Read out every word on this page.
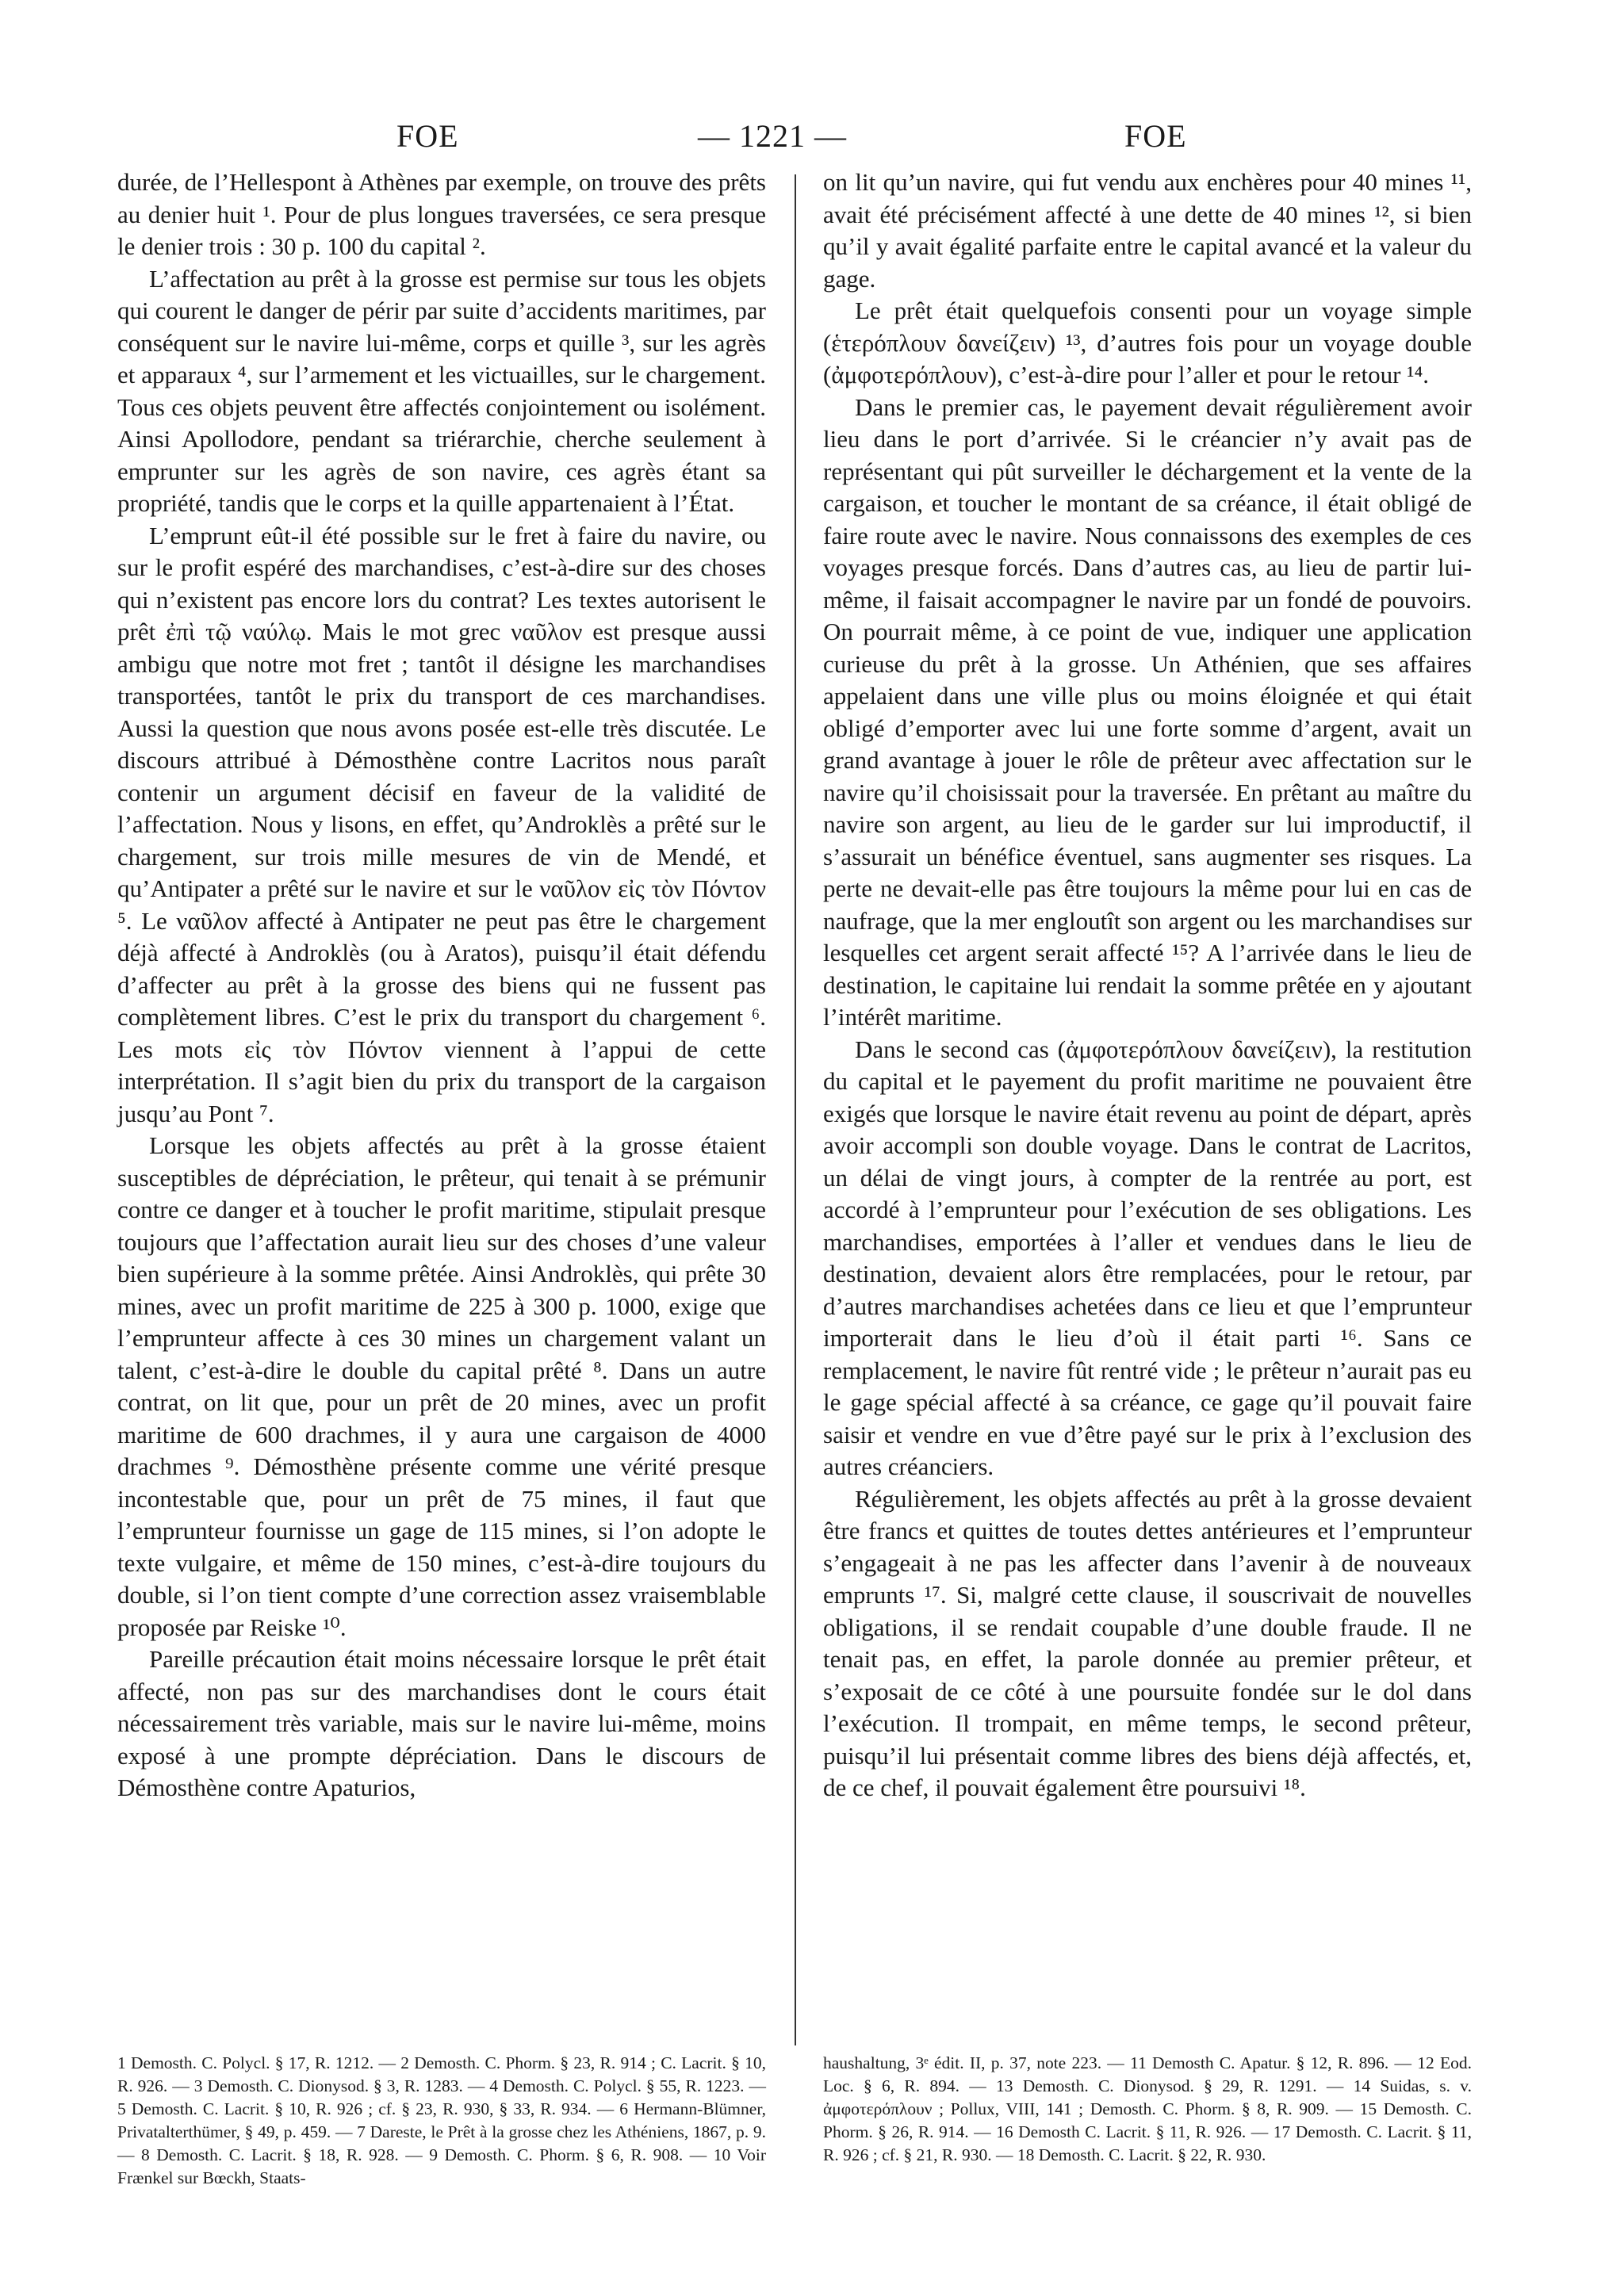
FOE	— 1221 —	FOE

durée, de l’Hellespont à Athènes par exemple, on trouve des prêts au denier huit ¹. Pour de plus longues traversées, ce sera presque le denier trois : 30 p. 100 du capital ².

L’affectation au prêt à la grosse est permise sur tous les objets qui courent le danger de périr par suite d’accidents maritimes, par conséquent sur le navire lui-même, corps et quille ³, sur les agrès et apparaux ⁴, sur l’armement et les victuailles, sur le chargement. Tous ces objets peuvent être affectés conjointement ou isolément. Ainsi Apollodore, pendant sa triérarchie, cherche seulement à emprunter sur les agrès de son navire, ces agrès étant sa propriété, tandis que le corps et la quille appartenaient à l’État.

L’emprunt eût-il été possible sur le fret à faire du navire, ou sur le profit espéré des marchandises, c’est-à-dire sur des choses qui n’existent pas encore lors du contrat? Les textes autorisent le prêt ἐπὶ τῷ ναύλῳ. Mais le mot grec ναῦλον est presque aussi ambigu que notre mot fret ; tantôt il désigne les marchandises transportées, tantôt le prix du transport de ces marchandises. Aussi la question que nous avons posée est-elle très discutée. Le discours attribué à Démosthène contre Lacritos nous paraît contenir un argument décisif en faveur de la validité de l’affectation. Nous y lisons, en effet, qu’Androklès a prêté sur le chargement, sur trois mille mesures de vin de Mendé, et qu’Antipater a prêté sur le navire et sur le ναῦλον εἰς τὸν Πόντον ⁵. Le ναῦλον affecté à Antipater ne peut pas être le chargement déjà affecté à Androklès (ou à Aratos), puisqu’il était défendu d’affecter au prêt à la grosse des biens qui ne fussent pas complètement libres. C’est le prix du transport du chargement ⁶. Les mots εἰς τὸν Πόντον viennent à l’appui de cette interprétation. Il s’agit bien du prix du transport de la cargaison jusqu’au Pont ⁷.

Lorsque les objets affectés au prêt à la grosse étaient susceptibles de dépréciation, le prêteur, qui tenait à se prémunir contre ce danger et à toucher le profit maritime, stipulait presque toujours que l’affectation aurait lieu sur des choses d’une valeur bien supérieure à la somme prêtée. Ainsi Androklès, qui prête 30 mines, avec un profit maritime de 225 à 300 p. 1000, exige que l’emprunteur affecte à ces 30 mines un chargement valant un talent, c’est-à-dire le double du capital prêté ⁸. Dans un autre contrat, on lit que, pour un prêt de 20 mines, avec un profit maritime de 600 drachmes, il y aura une cargaison de 4000 drachmes ⁹. Démosthène présente comme une vérité presque incontestable que, pour un prêt de 75 mines, il faut que l’emprunteur fournisse un gage de 115 mines, si l’on adopte le texte vulgaire, et même de 150 mines, c’est-à-dire toujours du double, si l’on tient compte d’une correction assez vraisemblable proposée par Reiske ¹⁰.

Pareille précaution était moins nécessaire lorsque le prêt était affecté, non pas sur des marchandises dont le cours était nécessairement très variable, mais sur le navire lui-même, moins exposé à une prompte dépréciation. Dans le discours de Démosthène contre Apaturios,

on lit qu’un navire, qui fut vendu aux enchères pour 40 mines ¹¹, avait été précisément affecté à une dette de 40 mines ¹², si bien qu’il y avait égalité parfaite entre le capital avancé et la valeur du gage.

Le prêt était quelquefois consenti pour un voyage simple (ἑτερόπλουν δανείζειν) ¹³, d’autres fois pour un voyage double (ἀμφοτερόπλουν), c’est-à-dire pour l’aller et pour le retour ¹⁴.

Dans le premier cas, le payement devait régulièrement avoir lieu dans le port d’arrivée. Si le créancier n’y avait pas de représentant qui pût surveiller le déchargement et la vente de la cargaison, et toucher le montant de sa créance, il était obligé de faire route avec le navire. Nous connaissons des exemples de ces voyages presque forcés. Dans d’autres cas, au lieu de partir lui-même, il faisait accompagner le navire par un fondé de pouvoirs. On pourrait même, à ce point de vue, indiquer une application curieuse du prêt à la grosse. Un Athénien, que ses affaires appelaient dans une ville plus ou moins éloignée et qui était obligé d’emporter avec lui une forte somme d’argent, avait un grand avantage à jouer le rôle de prêteur avec affectation sur le navire qu’il choisissait pour la traversée. En prêtant au maître du navire son argent, au lieu de le garder sur lui improductif, il s’assurait un bénéfice éventuel, sans augmenter ses risques. La perte ne devait-elle pas être toujours la même pour lui en cas de naufrage, que la mer engloutît son argent ou les marchandises sur lesquelles cet argent serait affecté ¹⁵? A l’arrivée dans le lieu de destination, le capitaine lui rendait la somme prêtée en y ajoutant l’intérêt maritime.

Dans le second cas (ἀμφοτερόπλουν δανείζειν), la restitution du capital et le payement du profit maritime ne pouvaient être exigés que lorsque le navire était revenu au point de départ, après avoir accompli son double voyage. Dans le contrat de Lacritos, un délai de vingt jours, à compter de la rentrée au port, est accordé à l’emprunteur pour l’exécution de ses obligations. Les marchandises, emportées à l’aller et vendues dans le lieu de destination, devaient alors être remplacées, pour le retour, par d’autres marchandises achetées dans ce lieu et que l’emprunteur importerait dans le lieu d’où il était parti ¹⁶. Sans ce remplacement, le navire fût rentré vide ; le prêteur n’aurait pas eu le gage spécial affecté à sa créance, ce gage qu’il pouvait faire saisir et vendre en vue d’être payé sur le prix à l’exclusion des autres créanciers.

Régulièrement, les objets affectés au prêt à la grosse devaient être francs et quittes de toutes dettes antérieures et l’emprunteur s’engageait à ne pas les affecter dans l’avenir à de nouveaux emprunts ¹⁷. Si, malgré cette clause, il souscrivait de nouvelles obligations, il se rendait coupable d’une double fraude. Il ne tenait pas, en effet, la parole donnée au premier prêteur, et s’exposait de ce côté à une poursuite fondée sur le dol dans l’exécution. Il trompait, en même temps, le second prêteur, puisqu’il lui présentait comme libres des biens déjà affectés, et, de ce chef, il pouvait également être poursuivi ¹⁸.

1 Demosth. C. Polycl. § 17, R. 1212. — 2 Demosth. C. Phorm. § 23, R. 914 ; C. Lacrit. § 10, R. 926. — 3 Demosth. C. Dionysod. § 3, R. 1283. — 4 Demosth. C. Polycl. § 55, R. 1223. — 5 Demosth. C. Lacrit. § 10, R. 926 ; cf. § 23, R. 930, § 33, R. 934. — 6 Hermann-Blümner, Privatalterthümer, § 49, p. 459. — 7 Dareste, le Prêt à la grosse chez les Athéniens, 1867, p. 9. — 8 Demosth. C. Lacrit. § 18, R. 928. — 9 Demosth. C. Phorm. § 6, R. 908. — 10 Voir Frænkel sur Bœckh, Staats-
haushaltung, 3ᵉ édit. II, p. 37, note 223. — 11 Demosth C. Apatur. § 12, R. 896. — 12 Eod. Loc. § 6, R. 894. — 13 Demosth. C. Dionysod. § 29, R. 1291. — 14 Suidas, s. v. ἀμφοτερόπλουν ; Pollux, VIII, 141 ; Demosth. C. Phorm. § 8, R. 909. — 15 Demosth. C. Phorm. § 26, R. 914. — 16 Demosth C. Lacrit. § 11, R. 926. — 17 Demosth. C. Lacrit. § 11, R. 926 ; cf. § 21, R. 930. — 18 Demosth. C. Lacrit. § 22, R. 930.
